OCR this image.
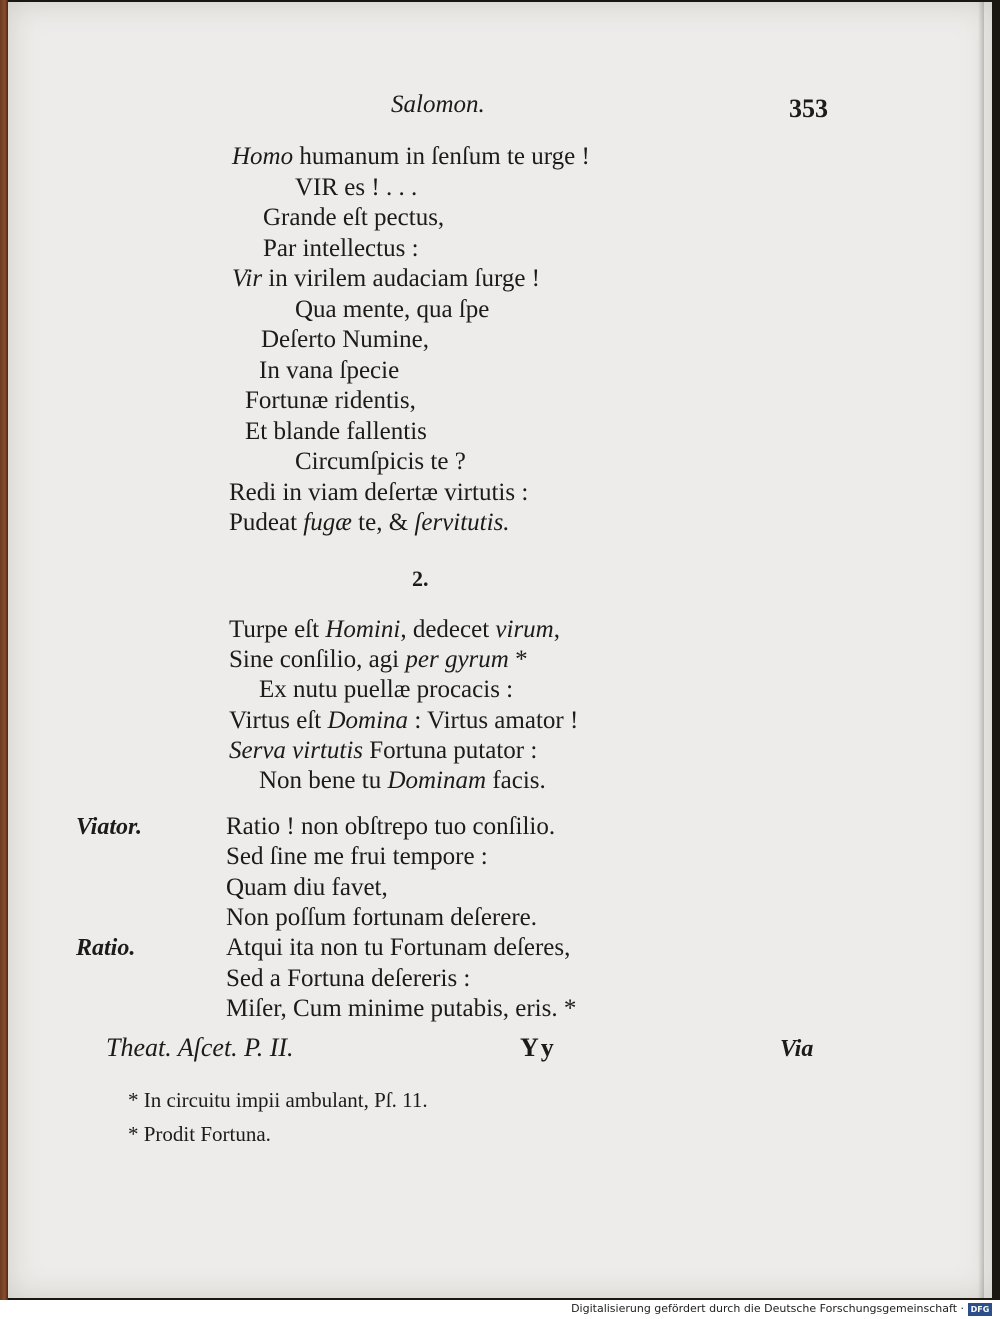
Salomon.	353
Homo humanum in ſenſum te urge !
VIR es ! . . .
Grande eſt pectus,
Par intellectus :
Vir in virilem audaciam ſurge !
Qua mente, qua ſpe
Deſerto Numine,
In vana ſpecie
Fortunæ ridentis,
Et blande fallentis
Circumſpicis te ?
Redi in viam deſertæ virtutis :
Pudeat fugæ te, & ſervitutis.
2.
Turpe eſt Homini, dedecet virum,
Sine conſilio, agi per gyrum *
Ex nutu puellæ procacis :
Virtus eſt Domina : Virtus amator !
Serva virtutis Fortuna putator :
Non bene tu Dominam facis.
Viator.	Ratio ! non obſtrepo tuo conſilio.
Sed ſine me frui tempore :
Quam diu favet,
Non poſſum fortunam deſerere.
Ratio.	Atqui ita non tu Fortunam deſeres,
Sed a Fortuna deſereris :
Miſer, Cum minime putabis, eris. *
Theat. Aſcet. P. II.	Yy	Via
* In circuitu impii ambulant, Pſ. 11.
* Prodit Fortuna.
Digitalisierung gefördert durch die Deutsche Forschungsgemeinschaft · DFG
